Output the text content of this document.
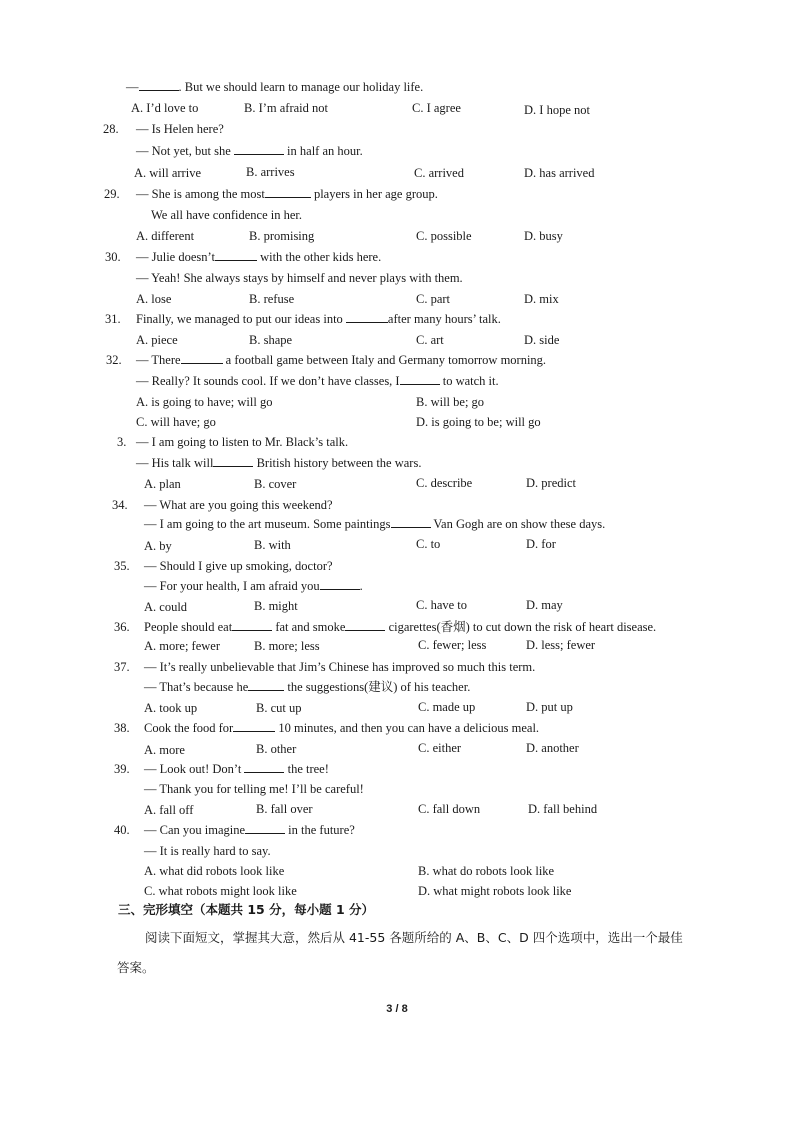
—	. But we should learn to manage our holiday life.
A. I’d love to	B. I’m afraid not	C. I agree	D. I hope not
28. — Is Helen here?
— Not yet, but she	in half an hour.
A. will arrive	B. arrives	C. arrived	D. has arrived
29. — She is among the most	players in her age group.
We all have confidence in her.
A. different	B. promising	C. possible	D. busy
30. — Julie doesn’t	with the other kids here.
— Yeah! She always stays by himself and never plays with them.
A. lose	B. refuse	C. part	D. mix
31. Finally, we managed to put our ideas into	after many hours’ talk.
A. piece	B. shape	C. art	D. side
32. — There	a football game between Italy and Germany tomorrow morning.
— Really? It sounds cool. If we don’t have classes, I	to watch it.
A. is going to have; will go	B. will be; go
C. will have; go	D. is going to be; will go
3. — I am going to listen to Mr. Black’s talk.
— His talk will	British history between the wars.
A. plan	B. cover	C. describe	D. predict
34. — What are you going this weekend?
— I am going to the art museum. Some paintings	Van Gogh are on show these days.
A. by	B. with	C. to	D. for
35. — Should I give up smoking, doctor?
— For your health, I am afraid you	.
A. could	B. might	C. have to	D. may
36. People should eat	fat and smoke	cigarettes(香烟) to cut down the risk of heart disease.
A. more; fewer	B. more; less	C. fewer; less	D. less; fewer
37. — It’s really unbelievable that Jim’s Chinese has improved so much this term.
— That’s because he	the suggestions(建议) of his teacher.
A. took up	B. cut up	C. made up	D. put up
38. Cook the food for	10 minutes, and then you can have a delicious meal.
A. more	B. other	C. either	D. another
39. — Look out! Don’t	the tree!
— Thank you for telling me! I’ll be careful!
A. fall off	B. fall over	C. fall down	D. fall behind
40. — Can you imagine	in the future?
— It is really hard to say.
A. what did robots look like	B. what do robots look like
C. what robots might look like	D. what might robots look like
三、完形填空（本题共 15 分，每小题 1 分）
阅读下面短文，掌握其大意，然后从 41-55 各题所给的 A、B、C、D 四个选项中，选出一个最佳
答案。
3 / 8
